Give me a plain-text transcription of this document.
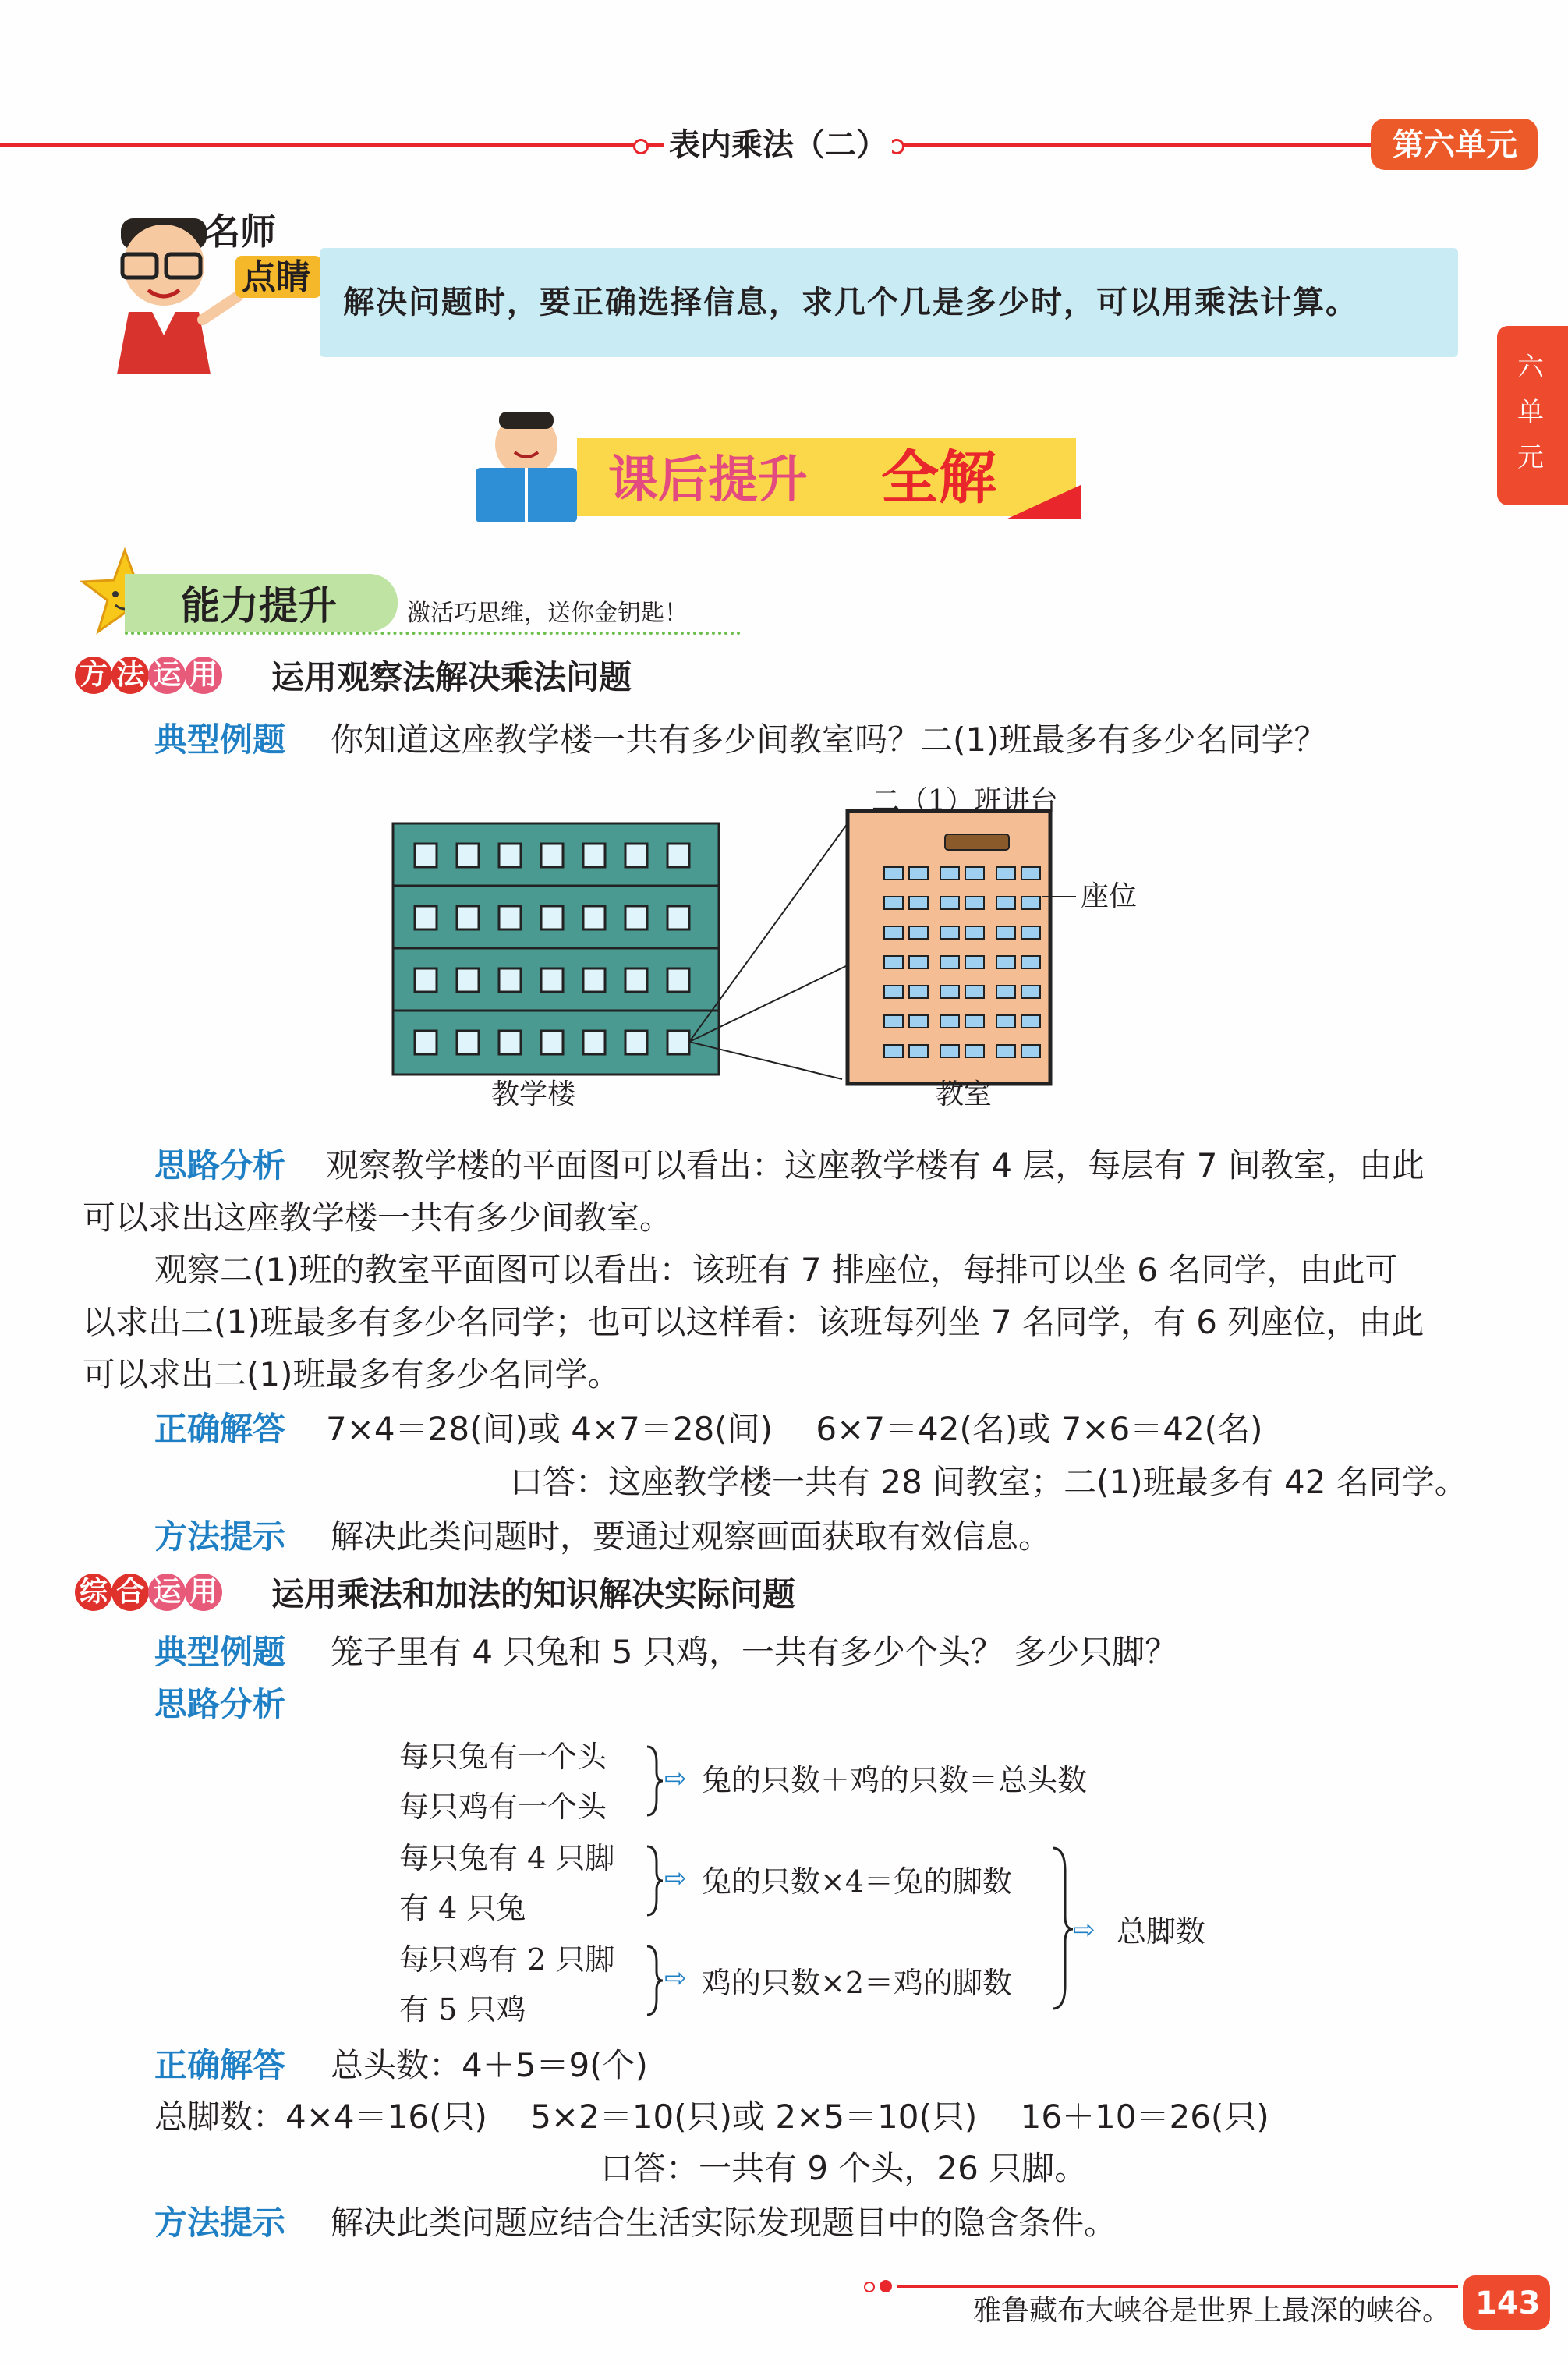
表内乘法（二）	第六单元
六
单
元
名师
点睛
解决问题时，要正确选择信息，求几个几是多少时，可以用乘法计算。
课后提升 全解
能力提升	激活巧思维，送你金钥匙！
方 法 运 用 运用观察法解决乘法问题
典型例题 你知道这座教学楼一共有多少间教室吗？二(1)班最多有多少名同学？
二（1）班讲台
座位
教学楼	教室
思路分析 观察教学楼的平面图可以看出：这座教学楼有 4 层，每层有 7 间教室，由此
可以求出这座教学楼一共有多少间教室。
观察二(1)班的教室平面图可以看出：该班有 7 排座位，每排可以坐 6 名同学，由此可
以求出二(1)班最多有多少名同学；也可以这样看：该班每列坐 7 名同学，有 6 列座位，由此
可以求出二(1)班最多有多少名同学。
正确解答 7×4＝28(间)或 4×7＝28(间)　 6×7＝42(名)或 7×6＝42(名)
口答：这座教学楼一共有 28 间教室；二(1)班最多有 42 名同学。
方法提示 解决此类问题时，要通过观察画面获取有效信息。
综 合 运 用 运用乘法和加法的知识解决实际问题
典型例题 笼子里有 4 只兔和 5 只鸡，一共有多少个头？ 多少只脚？
思路分析
⇨
⇨
⇨
⇨
每只兔有一个头
每只鸡有一个头
兔的只数＋鸡的只数＝总头数
每只兔有 4 只脚
有 4 只兔
兔的只数×4＝兔的脚数
每只鸡有 2 只脚
有 5 只鸡
鸡的只数×2＝鸡的脚数
总脚数
正确解答 总头数：4＋5＝9(个)
总脚数：4×4＝16(只)　 5×2＝10(只)或 2×5＝10(只)　 16＋10＝26(只)
口答：一共有 9 个头，26 只脚。
方法提示 解决此类问题应结合生活实际发现题目中的隐含条件。
雅鲁藏布大峡谷是世界上最深的峡谷。 143
